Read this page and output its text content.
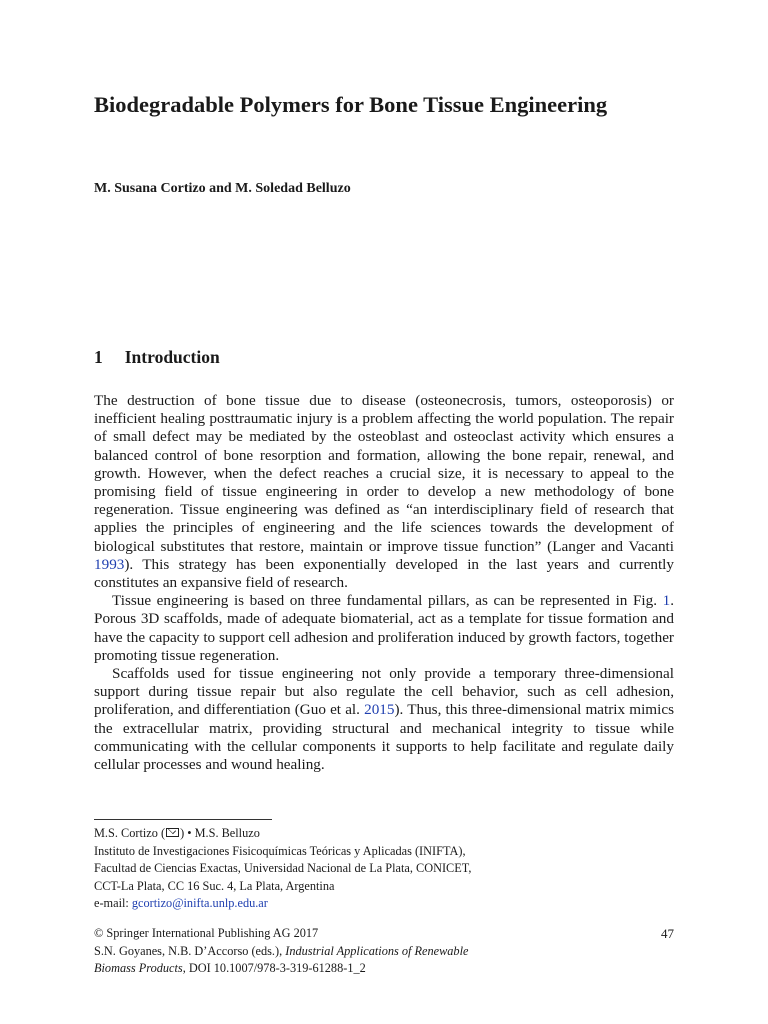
Biodegradable Polymers for Bone Tissue Engineering
M. Susana Cortizo and M. Soledad Belluzo
1 Introduction

The destruction of bone tissue due to disease (osteonecrosis, tumors, osteoporosis) or inefficient healing posttraumatic injury is a problem affecting the world population. The repair of small defect may be mediated by the osteoblast and osteoclast activity which ensures a balanced control of bone resorption and formation, allowing the bone repair, renewal, and growth. However, when the defect reaches a crucial size, it is necessary to appeal to the promising field of tissue engineering in order to develop a new methodology of bone regeneration. Tissue engineering was defined as “an interdisciplinary field of research that applies the principles of engineering and the life sciences towards the development of biological substitutes that restore, maintain or improve tissue function” (Langer and Vacanti 1993). This strategy has been exponentially developed in the last years and currently constitutes an expansive field of research.

Tissue engineering is based on three fundamental pillars, as can be represented in Fig. 1. Porous 3D scaffolds, made of adequate biomaterial, act as a template for tissue formation and have the capacity to support cell adhesion and proliferation induced by growth factors, together promoting tissue regeneration.

Scaffolds used for tissue engineering not only provide a temporary three-dimensional support during tissue repair but also regulate the cell behavior, such as cell adhesion, proliferation, and differentiation (Guo et al. 2015). Thus, this three-dimensional matrix mimics the extracellular matrix, providing structural and mechanical integrity to tissue while communicating with the cellular components it supports to help facilitate and regulate daily cellular processes and wound healing.

M.S. Cortizo ( ) • M.S. Belluzo
Instituto de Investigaciones Fisicoquímicas Teóricas y Aplicadas (INIFTA),
Facultad de Ciencias Exactas, Universidad Nacional de La Plata, CONICET,
CCT-La Plata, CC 16 Suc. 4, La Plata, Argentina
e-mail: gcortizo@inifta.unlp.edu.ar
© Springer International Publishing AG 2017	47
S.N. Goyanes, N.B. D’Accorso (eds.), Industrial Applications of Renewable
Biomass Products, DOI 10.1007/978-3-319-61288-1_2
